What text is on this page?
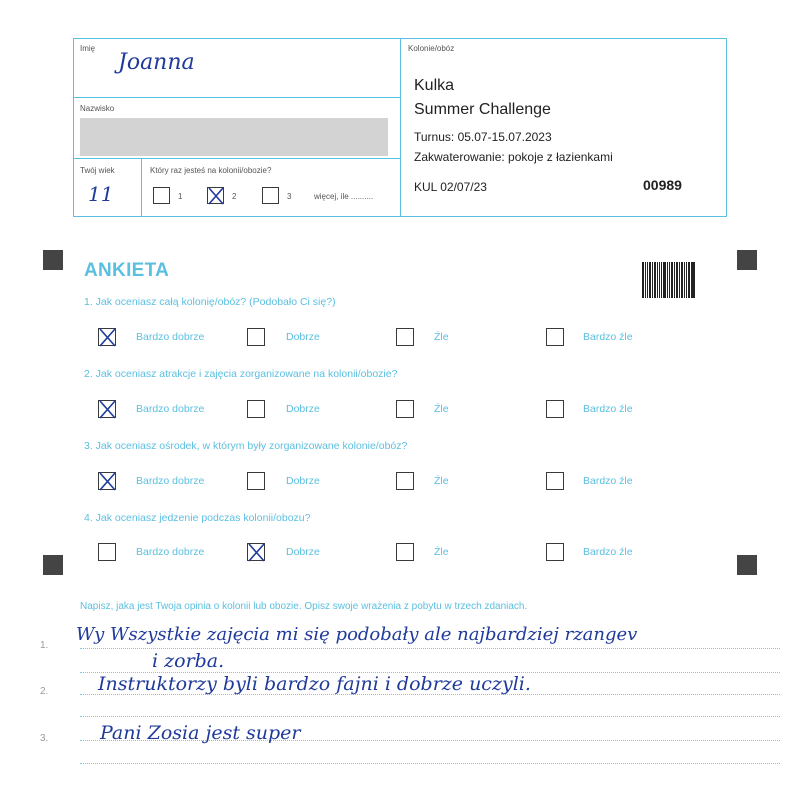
Imię
Joanna
Nazwisko
Twój wiek
11
Który raz jesteś na kolonii/obozie?
1	2	3	więcej, ile ..........
Kolonie/obóz
Kulka
Summer Challenge
Turnus: 05.07-15.07.2023
Zakwaterowanie: pokoje z łazienkami
KUL 02/07/23	00989
ANKIETA
1. Jak oceniasz całą kolonię/obóz? (Podobało Ci się?)
Bardzo dobrze	Dobrze	Źle	Bardzo źle
2. Jak oceniasz atrakcje i zajęcia zorganizowane na kolonii/obozie?
Bardzo dobrze	Dobrze	Źle	Bardzo źle
3. Jak oceniasz ośrodek, w którym były zorganizowane kolonie/obóz?
Bardzo dobrze	Dobrze	Źle	Bardzo źle
4. Jak oceniasz jedzenie podczas kolonii/obozu?
Bardzo dobrze	Dobrze	Źle	Bardzo źle
Napisz, jaka jest Twoja opinia o kolonii lub obozie. Opisz swoje wrażenia z pobytu w trzech zdaniach.
1.
2.
3.
Wy Wszystkie zajęcia mi się podobały ale najbardziej rzangev
i zorba.
Instruktorzy byli bardzo fajni i dobrze uczyli.
Pani Zosia jest super
